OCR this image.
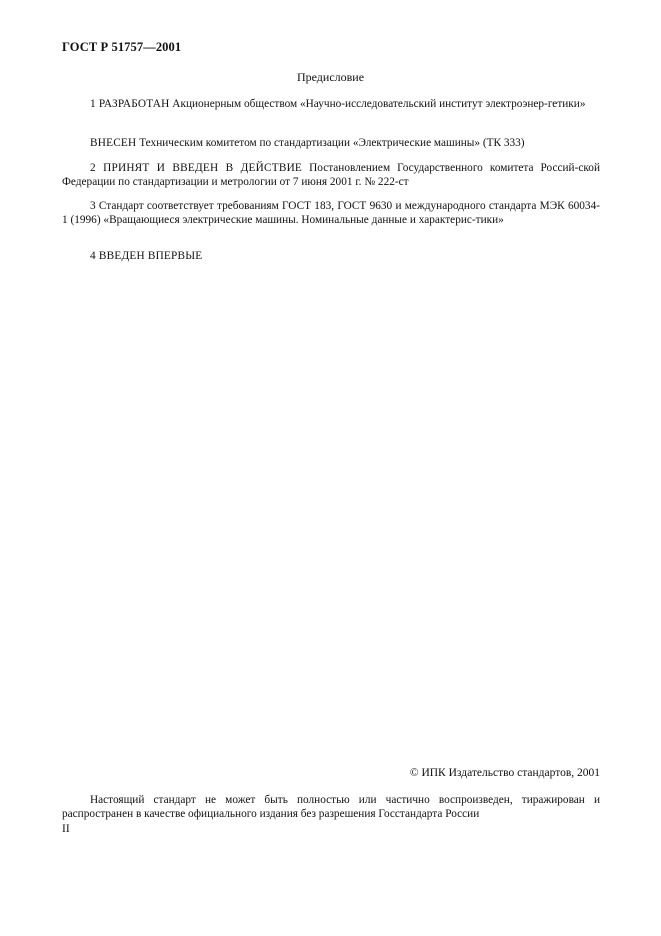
ГОСТ Р 51757—2001
Предисловие

1 РАЗРАБОТАН Акционерным обществом «Научно-исследовательский институт электроэнер-гетики»

ВНЕСЕН Техническим комитетом по стандартизации «Электрические машины» (ТК 333)

2 ПРИНЯТ И ВВЕДЕН В ДЕЙСТВИЕ Постановлением Государственного комитета Россий-ской Федерации по стандартизации и метрологии от 7 июня 2001 г. № 222-ст

3 Стандарт соответствует требованиям ГОСТ 183, ГОСТ 9630 и международного стандарта МЭК 60034-1 (1996) «Вращающиеся электрические машины. Номинальные данные и характерис-тики»

4 ВВЕДЕН ВПЕРВЫЕ

© ИПК Издательство стандартов, 2001

Настоящий стандарт не может быть полностью или частично воспроизведен, тиражирован и распространен в качестве официального издания без разрешения Госстандарта России

II
